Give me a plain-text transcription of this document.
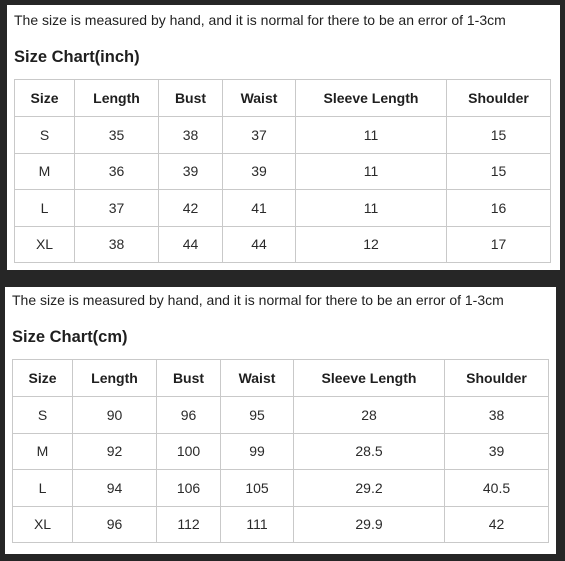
The size is measured by hand, and it is normal for there to be an error of 1-3cm
Size Chart(inch)
Size	Length	Bust	Waist	Sleeve Length	Shoulder
S	35	38	37	11	15
M	36	39	39	11	15
L	37	42	41	11	16
XL	38	44	44	12	17
The size is measured by hand, and it is normal for there to be an error of 1-3cm
Size Chart(cm)
Size	Length	Bust	Waist	Sleeve Length	Shoulder
S	90	96	95	28	38
M	92	100	99	28.5	39
L	94	106	105	29.2	40.5
XL	96	112	111	29.9	42
